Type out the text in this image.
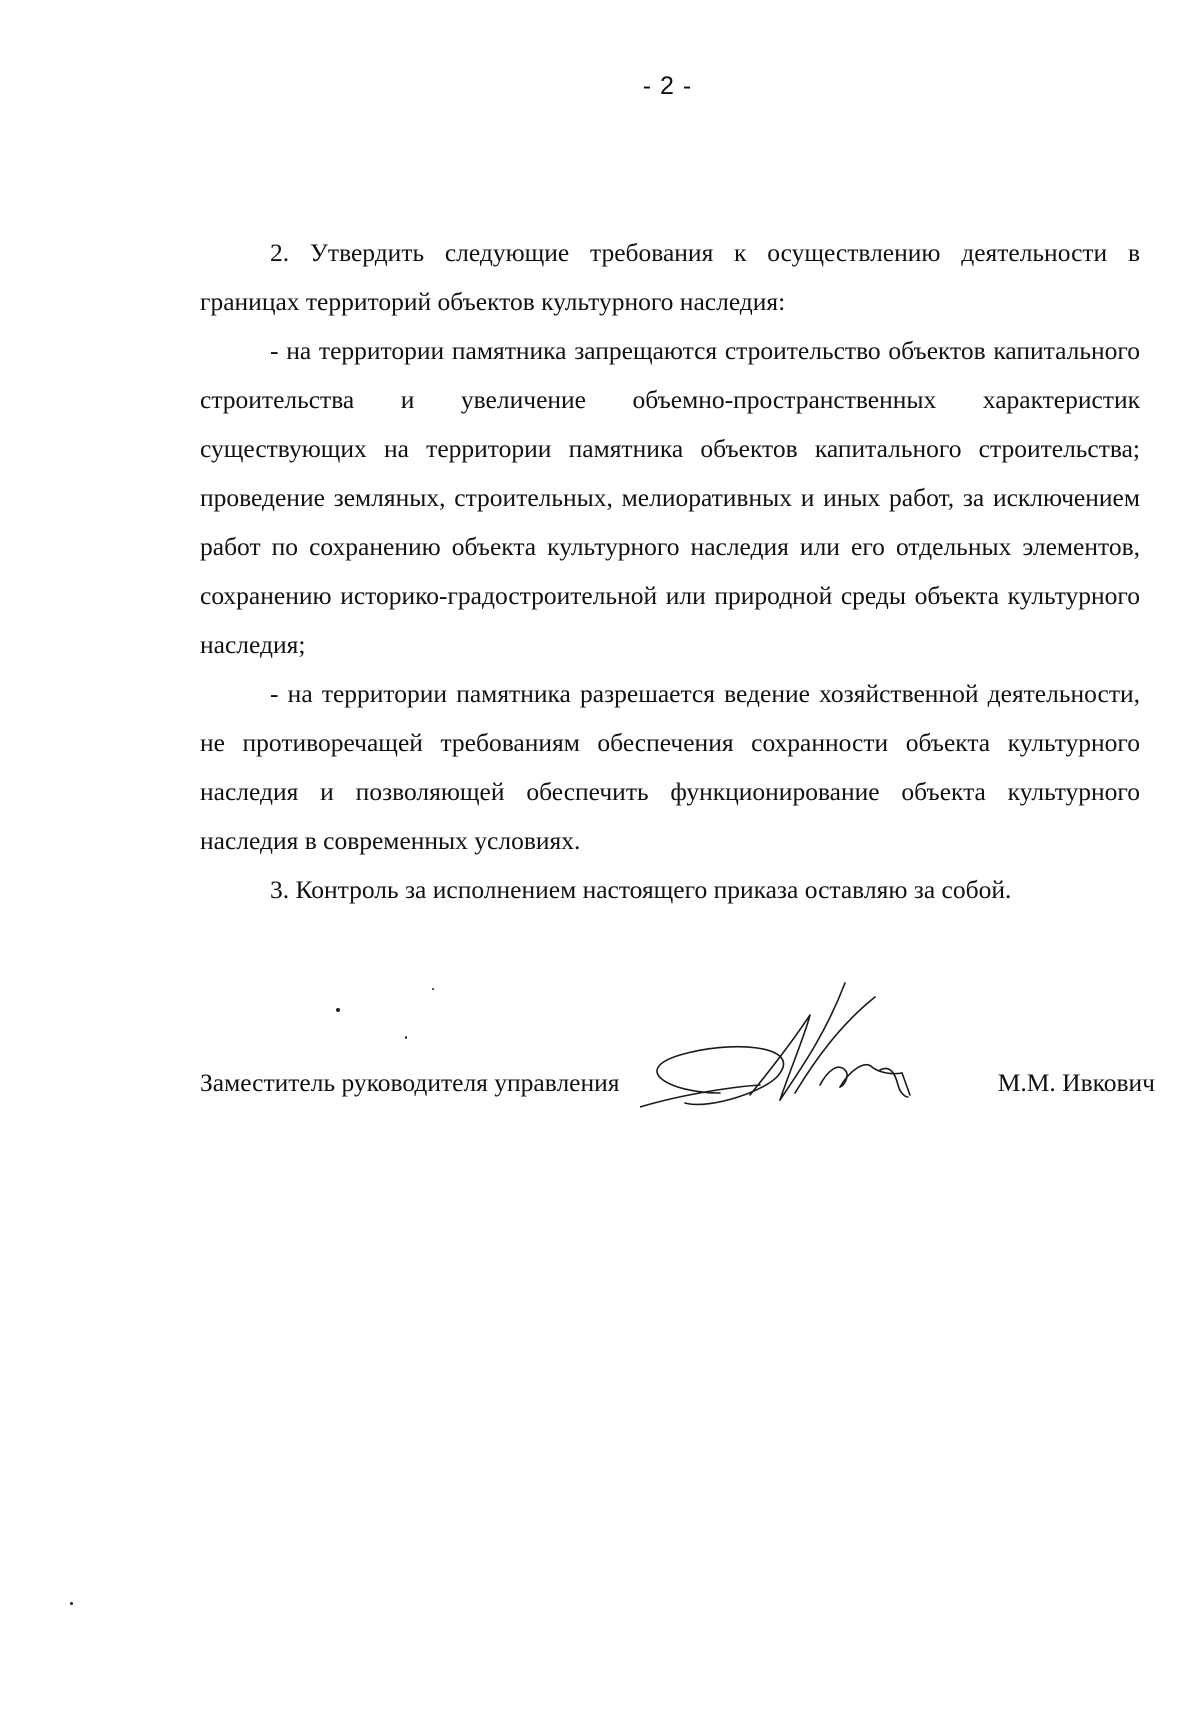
- 2 -

2. Утвердить следующие требования к осуществлению деятельности в границах территорий объектов культурного наследия:

- на территории памятника запрещаются строительство объектов капитального строительства и увеличение объемно-пространственных характеристик существующих на территории памятника объектов капитального строительства; проведение земляных, строительных, мелиоративных и иных работ, за исключением работ по сохранению объекта культурного наследия или его отдельных элементов, сохранению историко-градостроительной или природной среды объекта культурного наследия;

- на территории памятника разрешается ведение хозяйственной деятельности, не противоречащей требованиям обеспечения сохранности объекта культурного наследия и позволяющей обеспечить функционирование объекта культурного наследия в современных условиях.

3. Контроль за исполнением настоящего приказа оставляю за собой.

Заместитель руководителя управления	М.М. Ивкович
